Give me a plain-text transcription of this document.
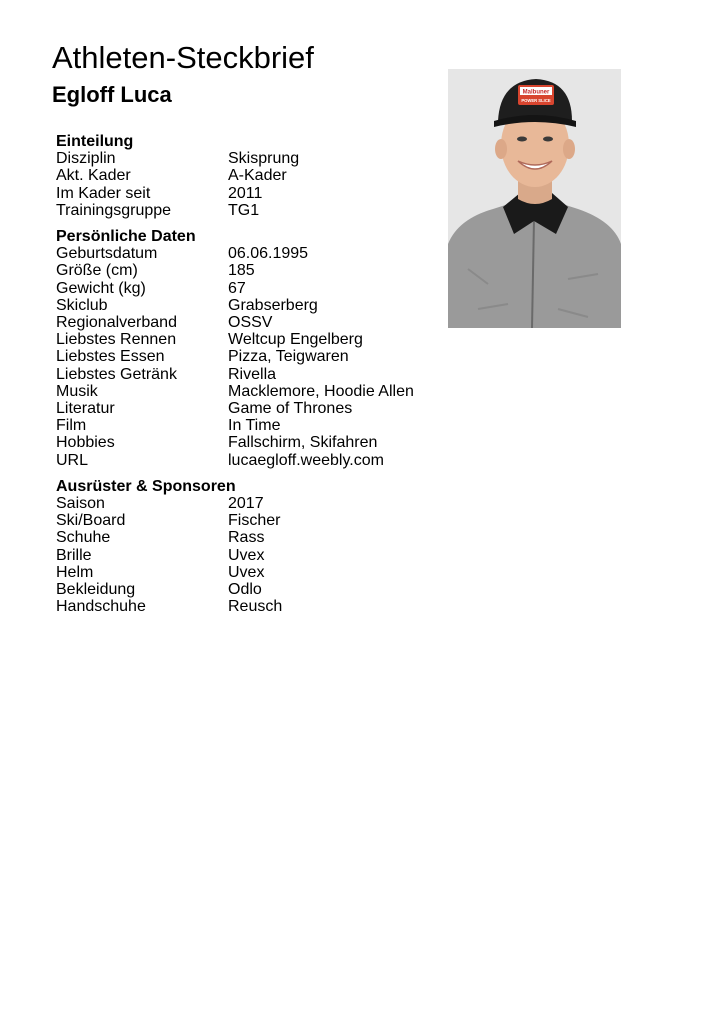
Athleten-Steckbrief
Egloff Luca	Malbuner
POWER SLICE
Einteilung
Disziplin	Skisprung
Akt. Kader	A-Kader
Im Kader seit	2011
Trainingsgruppe	TG1
Persönliche Daten
Geburtsdatum	06.06.1995
Größe (cm)	185
Gewicht (kg)	67
Skiclub	Grabserberg
Regionalverband	OSSV
Liebstes Rennen	Weltcup Engelberg
Liebstes Essen	Pizza, Teigwaren
Liebstes Getränk	Rivella
Musik	Macklemore, Hoodie Allen
Literatur	Game of Thrones
Film	In Time
Hobbies	Fallschirm, Skifahren
URL	lucaegloff.weebly.com
Ausrüster & Sponsoren
Saison	2017
Ski/Board	Fischer
Schuhe	Rass
Brille	Uvex
Helm	Uvex
Bekleidung	Odlo
Handschuhe	Reusch
